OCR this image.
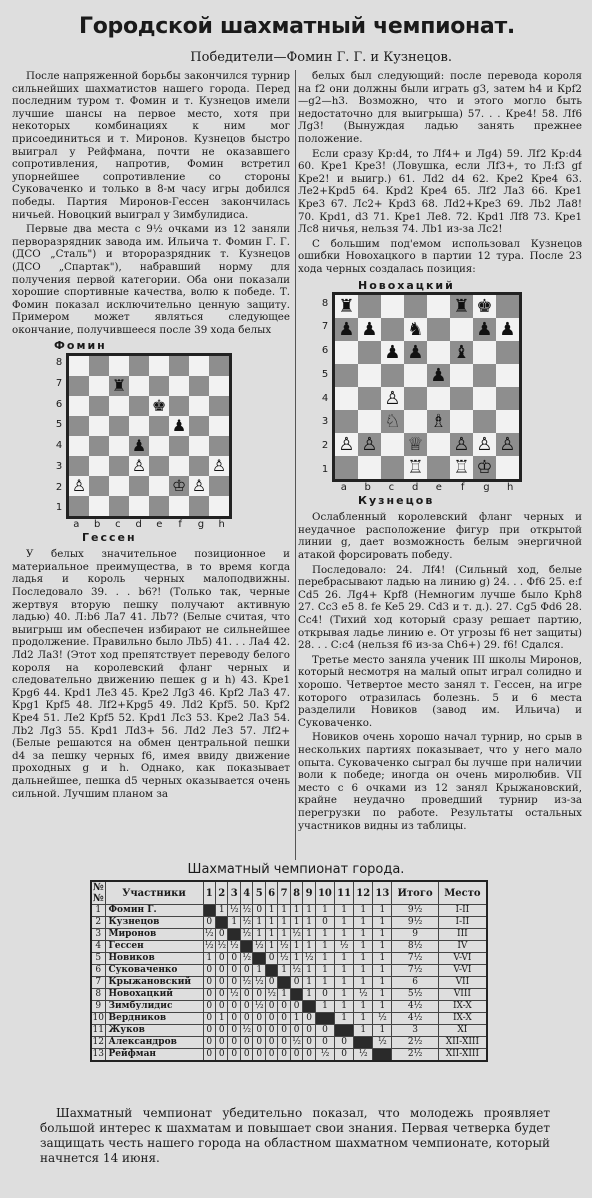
Городской шахматный чемпионат.
Победители—Фомин Г. Г. и Кузнецов.

После напряженной борьбы закончился турнир сильнейших шахматистов нашего города. Перед последним туром т. Фомин и т. Кузнецов имели лучшие шансы на первое место, хотя при некоторых комбинациях к ним мог присоединиться и т. Миронов. Кузнецов быстро выиграл у Рейфмана, почти не оказавшего сопротивления, напротив, Фомин встретил упорнейшее сопротивление со стороны Суковаченко и только в 8-м часу игры добился победы. Партия Миронов-Гессен закончилась ничьей. Новоцкий выиграл у Зимбулидиса.

Первые два места с 9½ очками из 12 заняли перворазрядник завода им. Ильича т. Фомин Г. Г. (ДСО „Сталь") и второразрядник т. Кузнецов (ДСО „Спартак"), набравший норму для получения первой категории. Оба они показали хорошие спортивные качества, волю к победе. Т. Фомин показал исключительно ценную защиту. Примером может являться следующее окончание, получившееся после 39 хода белых

Фомин
8
7
6
5
4
3
2
1
♜
♚
♟
♟
♙	♙
♙	♔ ♙
a	b	c	d	e	f	g	h
Гессен

У белых значительное позиционное и материальное преимущества, в то время когда ладья и король черных малоподвижны. Последовало 39. . . b6?! (Только так, черные жертвуя вторую пешку получают активную ладью) 40. Л:b6 Ла7 41. Лb7? (Белые считая, что выигрыш им обеспечен избирают не сильнейшее продолжение. Правильно было Лb5) 41. . . Ла4 42. Лd2 Ла3! (Этот ход препятствует переводу белого короля на королевский фланг черных и следовательно движению пешек g и h) 43. Крe1 Крg6 44. Крd1 Лe3 45. Крe2 Лg3 46. Крf2 Ла3 47. Крg1 Крf5 48. Лf2+Крg5 49. Лd2 Крf5. 50. Крf2 Крe4 51. Лe2 Крf5 52. Крd1 Лc3 53. Крe2 Ла3 54. Лb2 Лg3 55. Крd1 Лd3+ 56. Лd2 Лe3 57. Лf2+ (Белые решаются на обмен центральной пешки d4 за пешку черных f6, имея ввиду движение проходных g и h. Однако, как показывает дальнейшее, пешка d5 черных оказывается очень сильной. Лучшим планом за

белых был следующий: после перевода короля на f2 они должны были играть g3, затем h4 и Крf2—g2—h3. Возможно, что и этого могло быть недостаточно для выигрыша) 57. . . Крe4! 58. Лf6 Лg3! (Вынуждая ладью занять прежнее положение.

Если сразу Кр:d4, то Лf4+ и Лg4) 59. Лf2 Кр:d4 60. Крe1 Крe3! (Ловушка, если Лf3+, то Л:f3 gf Крe2! и выигр.) 61. Лd2 d4 62. Крe2 Крe4 63. Лe2+Крd5 64. Крd2 Крe4 65. Лf2 Лa3 66. Крe1 Крe3 67. Лc2+ Крd3 68. Лd2+Крe3 69. Лb2 Лa8! 70. Крd1, d3 71. Крe1 Лe8. 72. Крd1 Лf8 73. Крe1 Лc8 ничья, нельзя 74. Лb1 из-за Лc2!

С большим под'емом использовал Кузнецов ошибки Новохацкого в партии 12 тура. После 23 хода черных создалась позиция:

Новохацкий
8
7
6
5
4
3
2
1
♜	♜ ♚
♟ ♟ ♞	♟ ♟
♟ ♟ ♝
♟
♙
♘ ♗
♙ ♙ ♕ ♙ ♙ ♙
♖ ♖ ♔
a	b	c	d	e	f	g	h
Кузнецов

Ослабленный королевский фланг черных и неудачное расположение фигур при открытой линии g, дает возможность белым энергичной атакой форсировать победу.

Последовало: 24. Лf4! (Сильный ход, белые перебрасывают ладью на линию g) 24. . . Фf6 25. e:f Cd5 26. Лg4+ Крf8 (Немногим лучше было Крh8 27. Cc3 e5 8. fe Ke5 29. Cd3 и т. д.). 27. Cg5 Фd6 28. Cc4! (Тихий ход который сразу решает партию, открывая ладье линию e. От угрозы f6 нет защиты) 28. . . C:c4 (нельзя f6 из-за Ch6+) 29. f6! Сдался.

Третье место заняла ученик III школы Миронов, который несмотря на малый опыт играл солидно и хорошо. Четвертое место занял т. Гессен, на игре которого отразилась болезнь. 5 и 6 места разделили Новиков (завод им. Ильича) и Суковаченко.

Новиков очень хорошо начал турнир, но срыв в нескольких партиях показывает, что у него мало опыта. Суковаченко сыграл бы лучше при наличии воли к победе; иногда он очень миролюбив. VII место с 6 очками из 12 занял Крыжановский, крайне неудачно проведший турнир из-за перегрузки по работе. Результаты остальных участников видны из таблицы.

Шахматный чемпионат города.
№ №	Участники	1	2	3	4	5	6	7	8	9	10	11	12	13	Итого	Место
1	Фомин Г.		1	½	½	0	1	1	1	1	1	1	1	1	9½	I-II
2	Кузнецов	0		1	½	1	1	1	1	1	0	1	1	1	9½	I-II
3	Миронов	½	0		½	1	1	1	½	1	1	1	1	1	9	III
4	Гессен	½	½	½		½	1	½	1	1	1	½	1	1	8½	IV
5	Новиков	1	0	0	½		0	½	1	½	1	1	1	1	7½	V-VI
6	Суковаченко	0	0	0	0	1		1	½	1	1	1	1	1	7½	V-VI
7	Крыжановский	0	0	0	½	½	0		0	1	1	1	1	1	6	VII
8	Новохацкий	0	0	½	0	0	½	1		1	0	1	½	1	5½	VIII
9	Зимбулидис	0	0	0	0	½	0	0	0		1	1	1	1	4½	IX-X
10	Вердников	0	1	0	0	0	0	0	1	0		1	1	½	4½	IX-X
11	Жуков	0	0	0	½	0	0	0	0	0	0		1	1	3	XI
12	Александров	0	0	0	0	0	0	0	½	0	0	0		½	2½	XII-XIII
13	Рейфман	0	0	0	0	0	0	0	0	0	½	0	½		2½	XII-XIII
Шахматный чемпионат убедительно показал, что молодежь проявляет большой интерес к шахматам и повышает свои знания. Первая четверка будет защищать честь нашего города на областном шахматном чемпионате, который начнется 14 июня.
